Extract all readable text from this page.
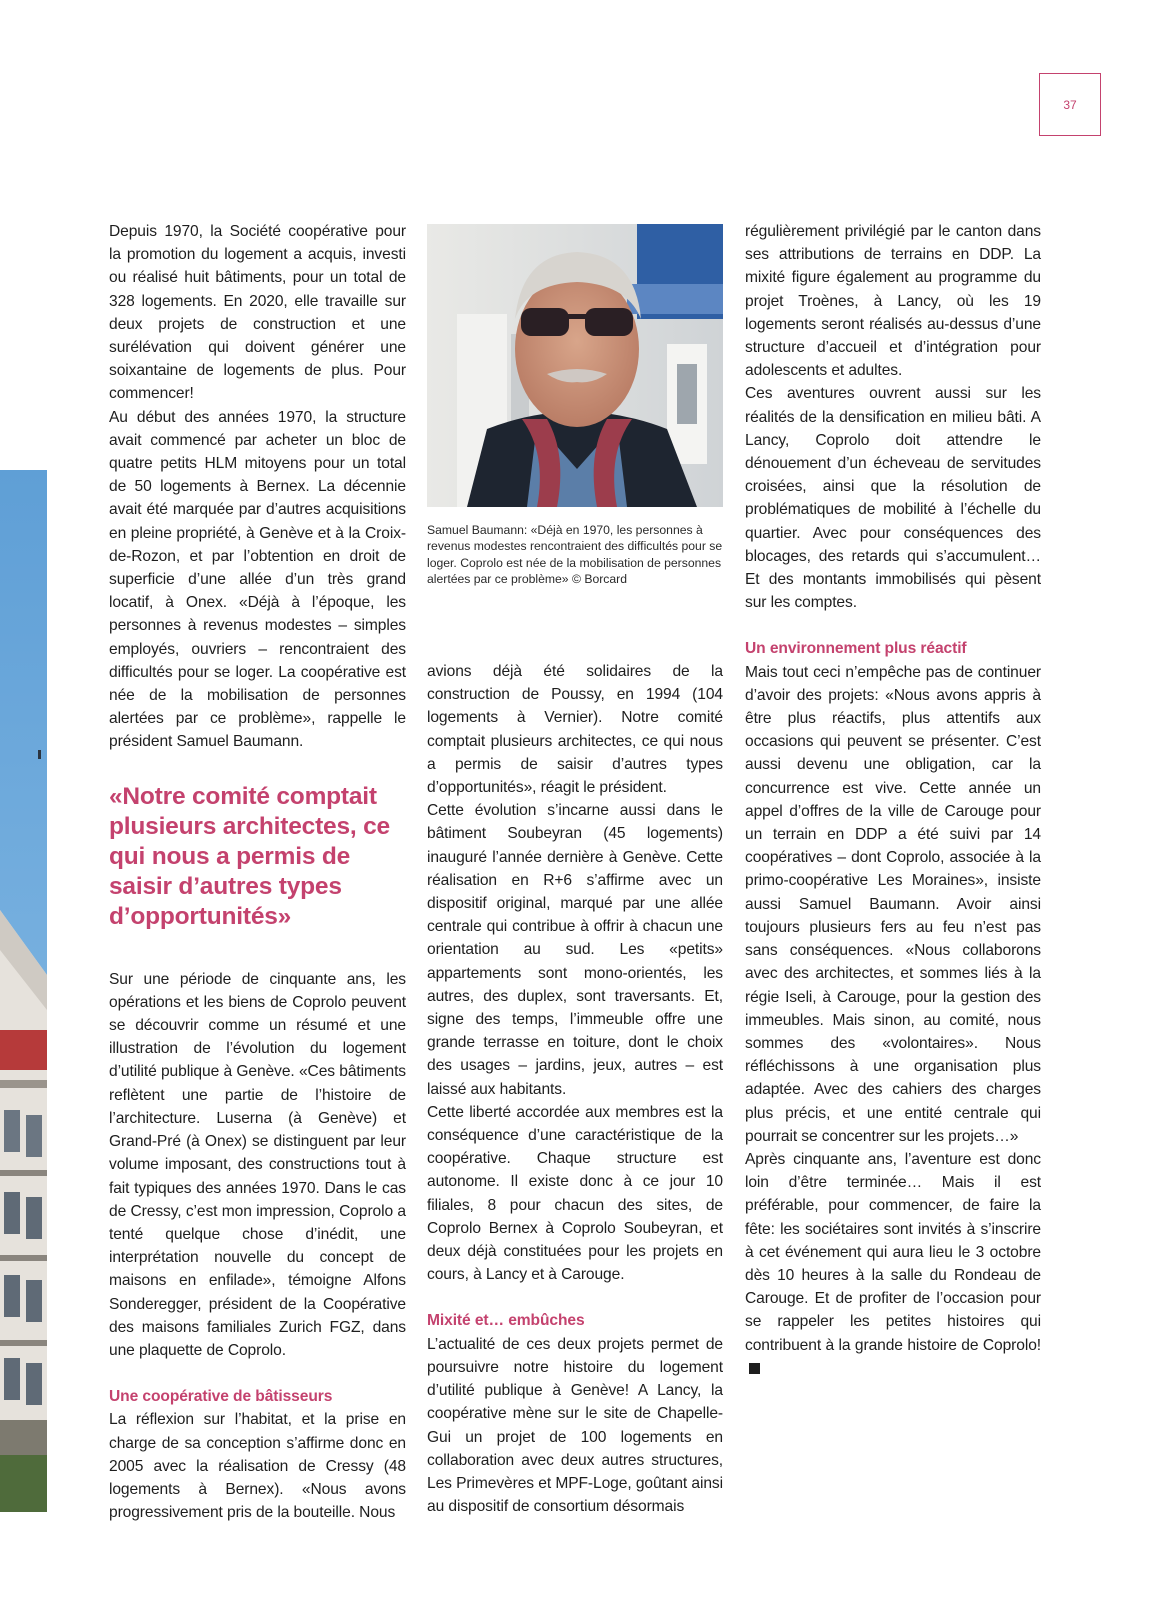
37

Depuis 1970, la Société coopérative pour la promotion du logement a acquis, investi ou réalisé huit bâtiments, pour un total de 328 logements. En 2020, elle travaille sur deux projets de construction et une surélévation qui doivent générer une soixantaine de logements de plus. Pour commencer!

Au début des années 1970, la structure avait commencé par acheter un bloc de quatre petits HLM mitoyens pour un total de 50 logements à Bernex. La décennie avait été marquée par d’autres acquisitions en pleine propriété, à Genève et à la Croix-de-Rozon, et par l’obtention en droit de superficie d’une allée d’un très grand locatif, à Onex. «Déjà à l’époque, les personnes à revenus modestes – simples employés, ouvriers – rencontraient des difficultés pour se loger. La coopérative est née de la mobilisation de personnes alertées par ce problème», rappelle le président Samuel Baumann.

«Notre comité comptait plusieurs architectes, ce qui nous a permis de saisir d’autres types d’opportunités»

Sur une période de cinquante ans, les opérations et les biens de Coprolo peuvent se découvrir comme un résumé et une illustration de l’évolution du logement d’utilité publique à Genève. «Ces bâtiments reflètent une partie de l’histoire de l’architecture. Luserna (à Genève) et Grand-Pré (à Onex) se distinguent par leur volume imposant, des constructions tout à fait typiques des années 1970. Dans le cas de Cressy, c’est mon impression, Coprolo a tenté quelque chose d’inédit, une interprétation nouvelle du concept de maisons en enfilade», témoigne Alfons Sonderegger, président de la Coopérative des maisons familiales Zurich FGZ, dans une plaquette de Coprolo.

Une coopérative de bâtisseurs

La réflexion sur l’habitat, et la prise en charge de sa conception s’affirme donc en 2005 avec la réalisation de Cressy (48 logements à Bernex). «Nous avons progressivement pris de la bouteille. Nous

Samuel Baumann: «Déjà en 1970, les personnes à revenus modestes rencontraient des difficultés pour se loger. Coprolo est née de la mobilisation de personnes alertées par ce problème» © Borcard

avions déjà été solidaires de la construction de Poussy, en 1994 (104 logements à Vernier). Notre comité comptait plusieurs architectes, ce qui nous a permis de saisir d’autres types d’opportunités», réagit le président.

Cette évolution s’incarne aussi dans le bâtiment Soubeyran (45 logements) inauguré l’année dernière à Genève. Cette réalisation en R+6 s’affirme avec un dispositif original, marqué par une allée centrale qui contribue à offrir à chacun une orientation au sud. Les «petits» appartements sont mono-orientés, les autres, des duplex, sont traversants. Et, signe des temps, l’immeuble offre une grande terrasse en toiture, dont le choix des usages – jardins, jeux, autres – est laissé aux habitants.

Cette liberté accordée aux membres est la conséquence d’une caractéristique de la coopérative. Chaque structure est autonome. Il existe donc à ce jour 10 filiales, 8 pour chacun des sites, de Coprolo Bernex à Coprolo Soubeyran, et deux déjà constituées pour les projets en cours, à Lancy et à Carouge.

Mixité et… embûches

L’actualité de ces deux projets permet de poursuivre notre histoire du logement d’utilité publique à Genève! A Lancy, la coopérative mène sur le site de Chapelle-Gui un projet de 100 logements en collaboration avec deux autres structures, Les Primevères et MPF-Loge, goûtant ainsi au dispositif de consortium désormais

régulièrement privilégié par le canton dans ses attributions de terrains en DDP. La mixité figure également au programme du projet Troènes, à Lancy, où les 19 logements seront réalisés au-dessus d’une structure d’accueil et d’intégration pour adolescents et adultes.

Ces aventures ouvrent aussi sur les réalités de la densification en milieu bâti. A Lancy, Coprolo doit attendre le dénouement d’un écheveau de servitudes croisées, ainsi que la résolution de problématiques de mobilité à l’échelle du quartier. Avec pour conséquences des blocages, des retards qui s’accumulent… Et des montants immobilisés qui pèsent sur les comptes.

Un environnement plus réactif

Mais tout ceci n’empêche pas de continuer d’avoir des projets: «Nous avons appris à être plus réactifs, plus attentifs aux occasions qui peuvent se présenter. C’est aussi devenu une obligation, car la concurrence est vive. Cette année un appel d’offres de la ville de Carouge pour un terrain en DDP a été suivi par 14 coopératives – dont Coprolo, associée à la primo-coopérative Les Moraines», insiste aussi Samuel Baumann. Avoir ainsi toujours plusieurs fers au feu n’est pas sans conséquences. «Nous collaborons avec des architectes, et sommes liés à la régie Iseli, à Carouge, pour la gestion des immeubles. Mais sinon, au comité, nous sommes des «volontaires». Nous réfléchissons à une organisation plus adaptée. Avec des cahiers des charges plus précis, et une entité centrale qui pourrait se concentrer sur les projets…»

Après cinquante ans, l’aventure est donc loin d’être terminée… Mais il est préférable, pour commencer, de faire la fête: les sociétaires sont invités à s’inscrire à cet événement qui aura lieu le 3 octobre dès 10 heures à la salle du Rondeau de Carouge. Et de profiter de l’occasion pour se rappeler les petites histoires qui contribuent à la grande histoire de Coprolo!
